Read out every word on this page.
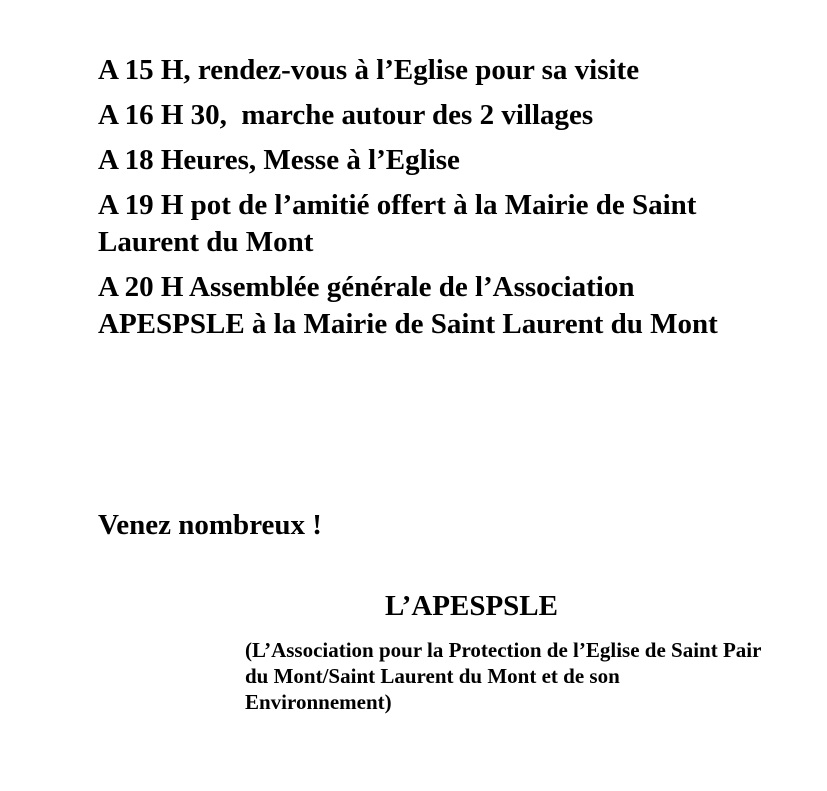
A 15 H, rendez-vous à l’Eglise pour sa visite
A 16 H 30,  marche autour des 2 villages
A 18 Heures, Messe à l’Eglise
A 19 H pot de l’amitié offert à la Mairie de Saint Laurent du Mont
A 20 H Assemblée générale de l’Association APESPSLE à la Mairie de Saint Laurent du Mont

Venez nombreux !

L’APESPSLE

(L’Association pour la Protection de l’Eglise de Saint Pair du Mont/Saint Laurent du Mont et de son Environnement)
